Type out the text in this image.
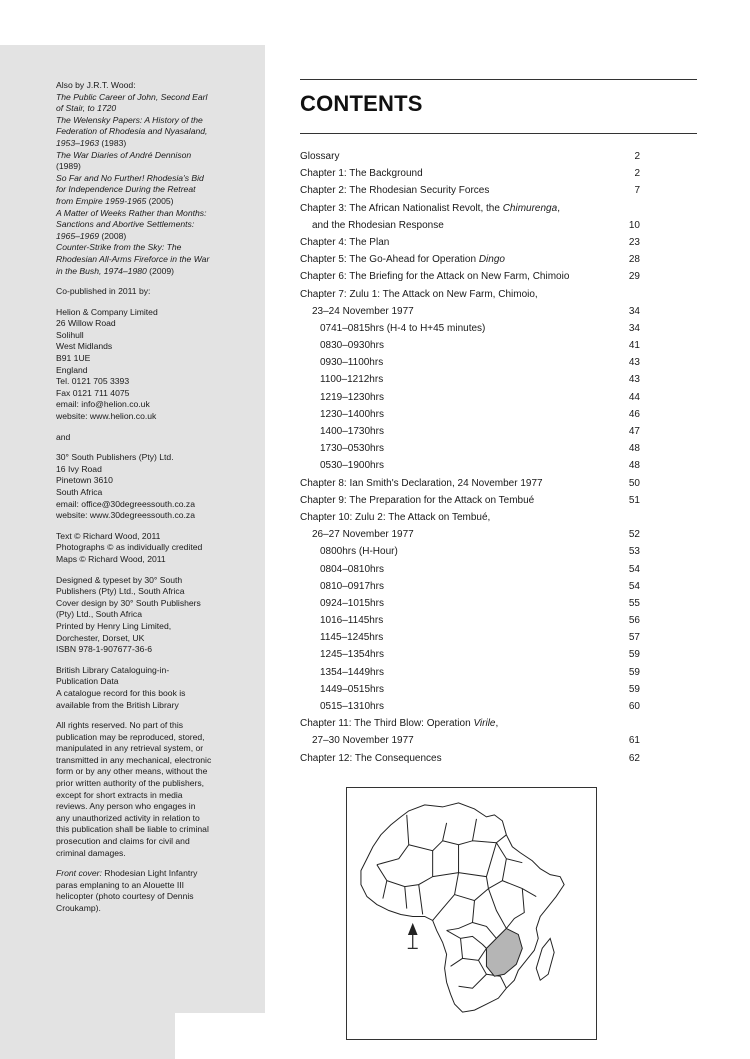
Also by J.R.T. Wood:
The Public Career of John, Second Earl
of Stair, to 1720
The Welensky Papers: A History of the
Federation of Rhodesia and Nyasaland,
1953–1963 (1983)
The War Diaries of André Dennison
(1989)
So Far and No Further! Rhodesia's Bid
for Independence During the Retreat
from Empire 1959-1965 (2005)
A Matter of Weeks Rather than Months:
Sanctions and Abortive Settlements:
1965–1969 (2008)
Counter-Strike from the Sky: The
Rhodesian All-Arms Fireforce in the War
in the Bush, 1974–1980 (2009)

Co-published in 2011 by:

Helion & Company Limited
26 Willow Road
Solihull
West Midlands
B91 1UE
England
Tel. 0121 705 3393
Fax 0121 711 4075
email: info@helion.co.uk
website: www.helion.co.uk

and

30° South Publishers (Pty) Ltd.
16 Ivy Road
Pinetown 3610
South Africa
email: office@30degreessouth.co.za
website: www.30degreessouth.co.za

Text © Richard Wood, 2011
Photographs © as individually credited
Maps © Richard Wood, 2011

Designed & typeset by 30° South
Publishers (Pty) Ltd., South Africa
Cover design by 30° South Publishers
(Pty) Ltd., South Africa
Printed by Henry Ling Limited,
Dorchester, Dorset, UK
ISBN 978-1-907677-36-6

British Library Cataloguing-in-
Publication Data
A catalogue record for this book is
available from the British Library

All rights reserved. No part of this
publication may be reproduced, stored,
manipulated in any retrieval system, or
transmitted in any mechanical, electronic
form or by any other means, without the
prior written authority of the publishers,
except for short extracts in media
reviews. Any person who engages in
any unauthorized activity in relation to
this publication shall be liable to criminal
prosecution and claims for civil and
criminal damages.

Front cover: Rhodesian Light Infantry
paras emplaning to an Alouette III
helicopter (photo courtesy of Dennis
Croukamp).

CONTENTS
Glossary	2
Chapter 1: The Background	2
Chapter 2: The Rhodesian Security Forces	7
Chapter 3: The African Nationalist Revolt, the Chimurenga,
and the Rhodesian Response	10
Chapter 4: The Plan	23
Chapter 5: The Go-Ahead for Operation Dingo	28
Chapter 6: The Briefing for the Attack on New Farm, Chimoio	29
Chapter 7: Zulu 1: The Attack on New Farm, Chimoio,
23–24 November 1977	34
0741–0815hrs (H-4 to H+45 minutes)	34
0830–0930hrs	41
0930–1100hrs	43
1100–1212hrs	43
1219–1230hrs	44
1230–1400hrs	46
1400–1730hrs	47
1730–0530hrs	48
0530–1900hrs	48
Chapter 8: Ian Smith's Declaration, 24 November 1977	50
Chapter 9: The Preparation for the Attack on Tembué	51
Chapter 10: Zulu 2: The Attack on Tembué,
26–27 November 1977	52
0800hrs (H-Hour)	53
0804–0810hrs	54
0810–0917hrs	54
0924–1015hrs	55
1016–1145hrs	56
1145–1245hrs	57
1245–1354hrs	59
1354–1449hrs	59
1449–0515hrs	59
0515–1310hrs	60
Chapter 11: The Third Blow: Operation Virile,
27–30 November 1977	61
Chapter 12: The Consequences	62
